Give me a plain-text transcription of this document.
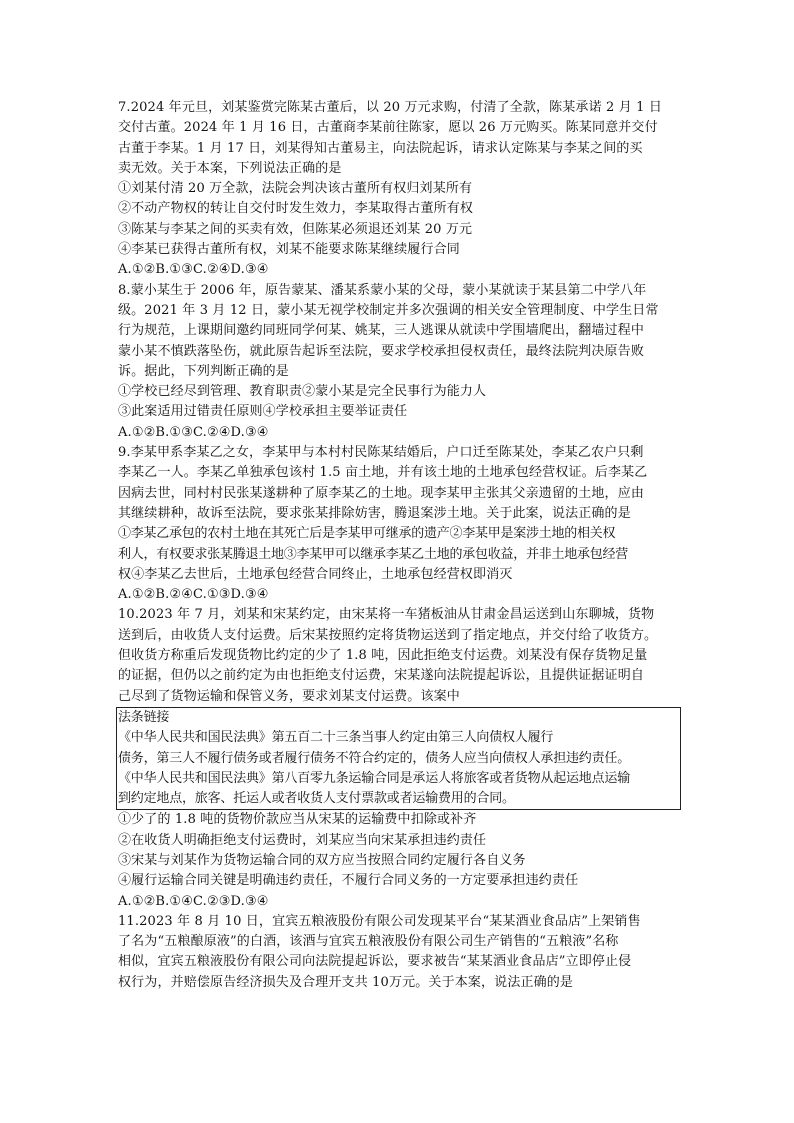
7.2024 年元旦，刘某鉴赏完陈某古董后，以 20 万元求购，付清了全款，陈某承诺 2 月 1 日
交付古董。2024 年 1 月 16 日，古董商李某前往陈家，愿以 26 万元购买。陈某同意并交付
古董于李某。1 月 17 日，刘某得知古董易主，向法院起诉，请求认定陈某与李某之间的买
卖无效。关于本案，下列说法正确的是
①刘某付清 20 万全款，法院会判决该古董所有权归刘某所有
②不动产物权的转让自交付时发生效力，李某取得古董所有权
③陈某与李某之间的买卖有效，但陈某必须退还刘某 20 万元
④李某已获得古董所有权，刘某不能要求陈某继续履行合同
A.①②B.①③C.②④D.③④
8.蒙小某生于 2006 年，原告蒙某、潘某系蒙小某的父母，蒙小某就读于某县第二中学八年
级。2021 年 3 月 12 日，蒙小某无视学校制定并多次强调的相关安全管理制度、中学生日常
行为规范，上课期间邀约同班同学何某、姚某，三人逃课从就读中学围墙爬出，翻墙过程中
蒙小某不慎跌落坠伤，就此原告起诉至法院，要求学校承担侵权责任，最终法院判决原告败
诉。据此，下列判断正确的是
①学校已经尽到管理、教育职责②蒙小某是完全民事行为能力人
③此案适用过错责任原则④学校承担主要举证责任
A.①②B.①③C.②④D.③④
9.李某甲系李某乙之女，李某甲与本村村民陈某结婚后，户口迁至陈某处，李某乙农户只剩
李某乙一人。李某乙单独承包该村 1.5 亩土地，并有该土地的土地承包经营权证。后李某乙
因病去世，同村村民张某遂耕种了原李某乙的土地。现李某甲主张其父亲遗留的土地，应由
其继续耕种，故诉至法院，要求张某排除妨害，腾退案涉土地。关于此案，说法正确的是
①李某乙承包的农村土地在其死亡后是李某甲可继承的遗产②李某甲是案涉土地的相关权
利人，有权要求张某腾退土地③李某甲可以继承李某乙土地的承包收益，并非土地承包经营
权④李某乙去世后，土地承包经营合同终止，土地承包经营权即消灭
A.①②B.②④C.①③D.③④
10.2023 年 7 月，刘某和宋某约定，由宋某将一车猪板油从甘肃金昌运送到山东聊城，货物
送到后，由收货人支付运费。后宋某按照约定将货物运送到了指定地点，并交付给了收货方。
但收货方称重后发现货物比约定的少了 1.8 吨，因此拒绝支付运费。刘某没有保存货物足量
的证据，但仍以之前约定为由也拒绝支付运费，宋某遂向法院提起诉讼，且提供证据证明自
己尽到了货物运输和保管义务，要求刘某支付运费。该案中
法条链接
《中华人民共和国民法典》第五百二十三条当事人约定由第三人向债权人履行
债务，第三人不履行债务或者履行债务不符合约定的，债务人应当向债权人承担违约责任。
《中华人民共和国民法典》第八百零九条运输合同是承运人将旅客或者货物从起运地点运输
到约定地点，旅客、托运人或者收货人支付票款或者运输费用的合同。
①少了的 1.8 吨的货物价款应当从宋某的运输费中扣除或补齐
②在收货人明确拒绝支付运费时，刘某应当向宋某承担违约责任
③宋某与刘某作为货物运输合同的双方应当按照合同约定履行各自义务
④履行运输合同关键是明确违约责任，不履行合同义务的一方定要承担违约责任
A.①②B.①④C.②③D.③④
11.2023 年 8 月 10 日，宜宾五粮液股份有限公司发现某平台“某某酒业食品店”上架销售
了名为“五粮酿原液”的白酒，该酒与宜宾五粮液股份有限公司生产销售的“五粮液”名称
相似，宜宾五粮液股份有限公司向法院提起诉讼，要求被告“某某酒业食品店”立即停止侵
权行为，并赔偿原告经济损失及合理开支共 10万元。关于本案，说法正确的是
